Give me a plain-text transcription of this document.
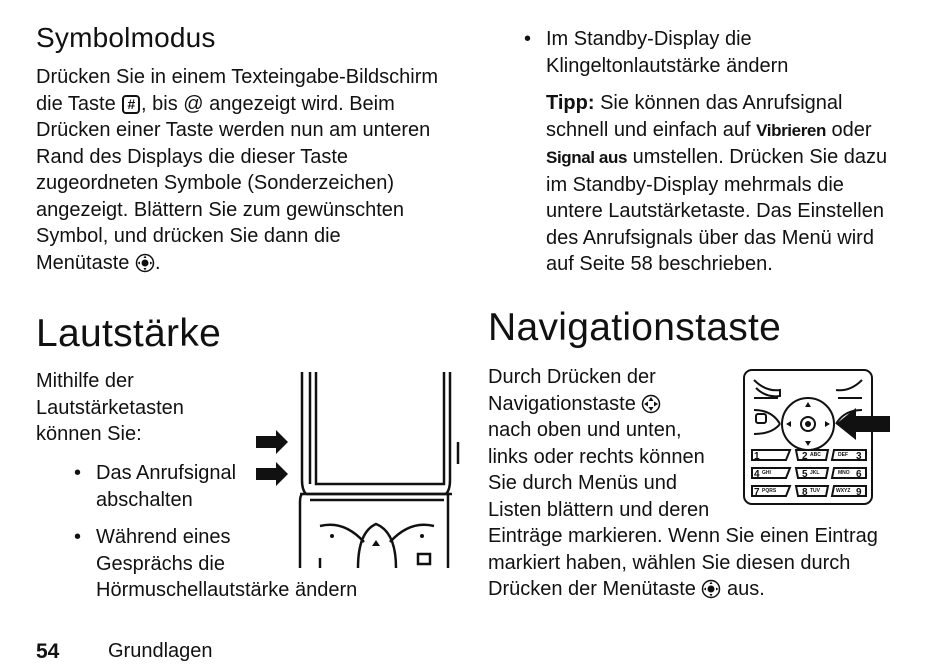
Symbolmodus
Drücken Sie in einem Texteingabe-Bildschirm
die Taste # , bis @ angezeigt wird. Beim
Drücken einer Taste werden nun am unteren
Rand des Displays die dieser Taste
zugeordneten Symbole (Sonderzeichen)
angezeigt. Blättern Sie zum gewünschten
Symbol, und drücken Sie dann die
Menütaste .
Lautstärke
Mithilfe der
Lautstärketasten
können Sie:
• Das Anrufsignal
abschalten
• Während eines
Gesprächs die
Hörmuschellautstärke ändern
• Im Standby-Display die
Klingeltonlautstärke ändern
Tipp: Sie können das Anrufsignal
schnell und einfach auf Vibrieren oder
Signal aus umstellen. Drücken Sie dazu
im Standby-Display mehrmals die
untere Lautstärketaste. Das Einstellen
des Anrufsignals über das Menü wird
auf Seite 58 beschrieben.
Navigationstaste
Durch Drücken der
Navigationstaste
nach oben und unten,
links oder rechts können
Sie durch Menüs und
Listen blättern und deren
Einträge markieren. Wenn Sie einen Eintrag
markiert haben, wählen Sie diesen durch
Drücken der Menütaste aus.
1	2 ABC	DEF 3
4 GHI	5 JKL	MNO 6
7 PQRS	8 TUV	WXYZ 9
54 Grundlagen
